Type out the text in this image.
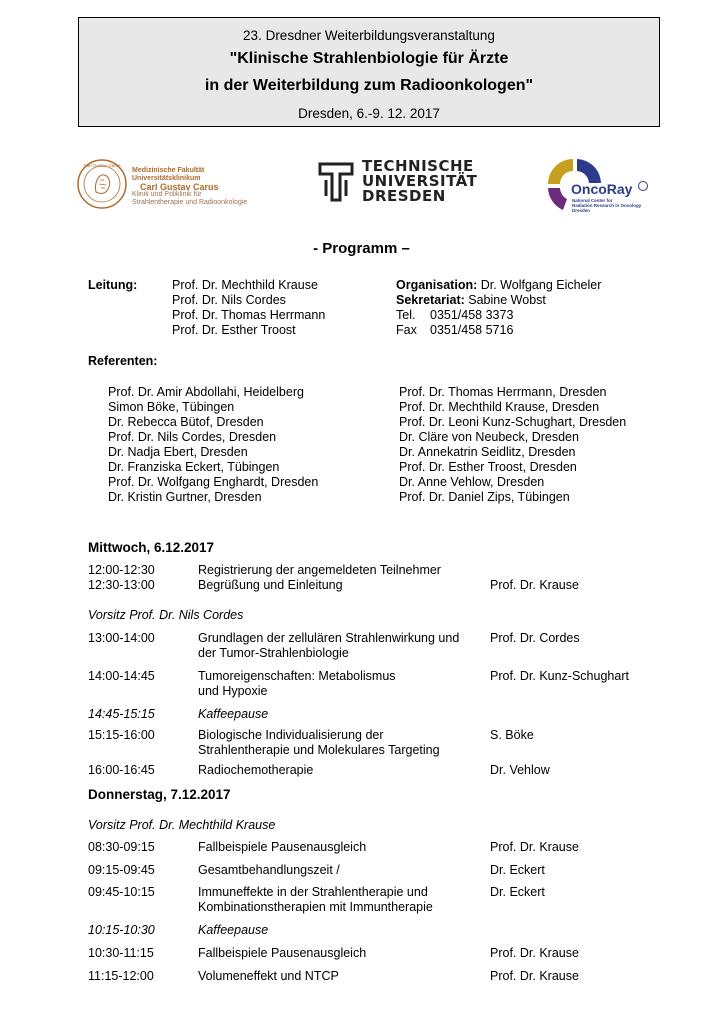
23. Dresdner Weiterbildungsveranstaltung
"Klinische Strahlenbiologie für Ärzte
in der Weiterbildung zum Radioonkologen"
Dresden, 6.-9. 12. 2017
Carl Gustav Carus
Medizinische Fakultät
Universitätsklinikum
Carl Gustav Carus
Klinik und Poliklinik für
Strahlentherapie und Radioonkologie
TECHNISCHE
UNIVERSITÄT
DRESDEN	OncoRay
National Center for
Radiation Research in Oncology
Dresden
- Programm –
Leitung:	Prof. Dr. Mechthild Krause
Prof. Dr. Nils Cordes
Prof. Dr. Thomas Herrmann
Prof. Dr. Esther Troost
Organisation: Dr. Wolfgang Eicheler
Sekretariat: Sabine Wobst
Tel. 0351/458 3373
Fax 0351/458 5716
Referenten:
Prof. Dr. Amir Abdollahi, Heidelberg
Simon Böke, Tübingen
Dr. Rebecca Bütof, Dresden
Prof. Dr. Nils Cordes, Dresden
Dr. Nadja Ebert, Dresden
Dr. Franziska Eckert, Tübingen
Prof. Dr. Wolfgang Enghardt, Dresden
Dr. Kristin Gurtner, Dresden
Prof. Dr. Thomas Herrmann, Dresden
Prof. Dr. Mechthild Krause, Dresden
Prof. Dr. Leoni Kunz-Schughart, Dresden
Dr. Cläre von Neubeck, Dresden
Dr. Annekatrin Seidlitz, Dresden
Prof. Dr. Esther Troost, Dresden
Dr. Anne Vehlow, Dresden
Prof. Dr. Daniel Zips, Tübingen
Mittwoch, 6.12.2017
12:00-12:30	Registrierung der angemeldeten Teilnehmer
12:30-13:00	Begrüßung und Einleitung	Prof. Dr. Krause
Vorsitz Prof. Dr. Nils Cordes
13:00-14:00	Grundlagen der zellulären Strahlenwirkung und
der Tumor-Strahlenbiologie
Prof. Dr. Cordes
14:00-14:45	Tumoreigenschaften: Metabolismus
und Hypoxie
Prof. Dr. Kunz-Schughart
14:45-15:15	Kaffeepause
15:15-16:00	Biologische Individualisierung der
Strahlentherapie und Molekulares Targeting
S. Böke
16:00-16:45	Radiochemotherapie	Dr. Vehlow
Donnerstag, 7.12.2017
Vorsitz Prof. Dr. Mechthild Krause
08:30-09:15	Fallbeispiele Pausenausgleich	Prof. Dr. Krause
09:15-09:45	Gesamtbehandlungszeit /	Dr. Eckert
09:45-10:15	Immuneffekte in der Strahlentherapie und
Kombinationstherapien mit Immuntherapie
Dr. Eckert
10:15-10:30	Kaffeepause
10:30-11:15	Fallbeispiele Pausenausgleich	Prof. Dr. Krause
11:15-12:00	Volumeneffekt und NTCP	Prof. Dr. Krause
